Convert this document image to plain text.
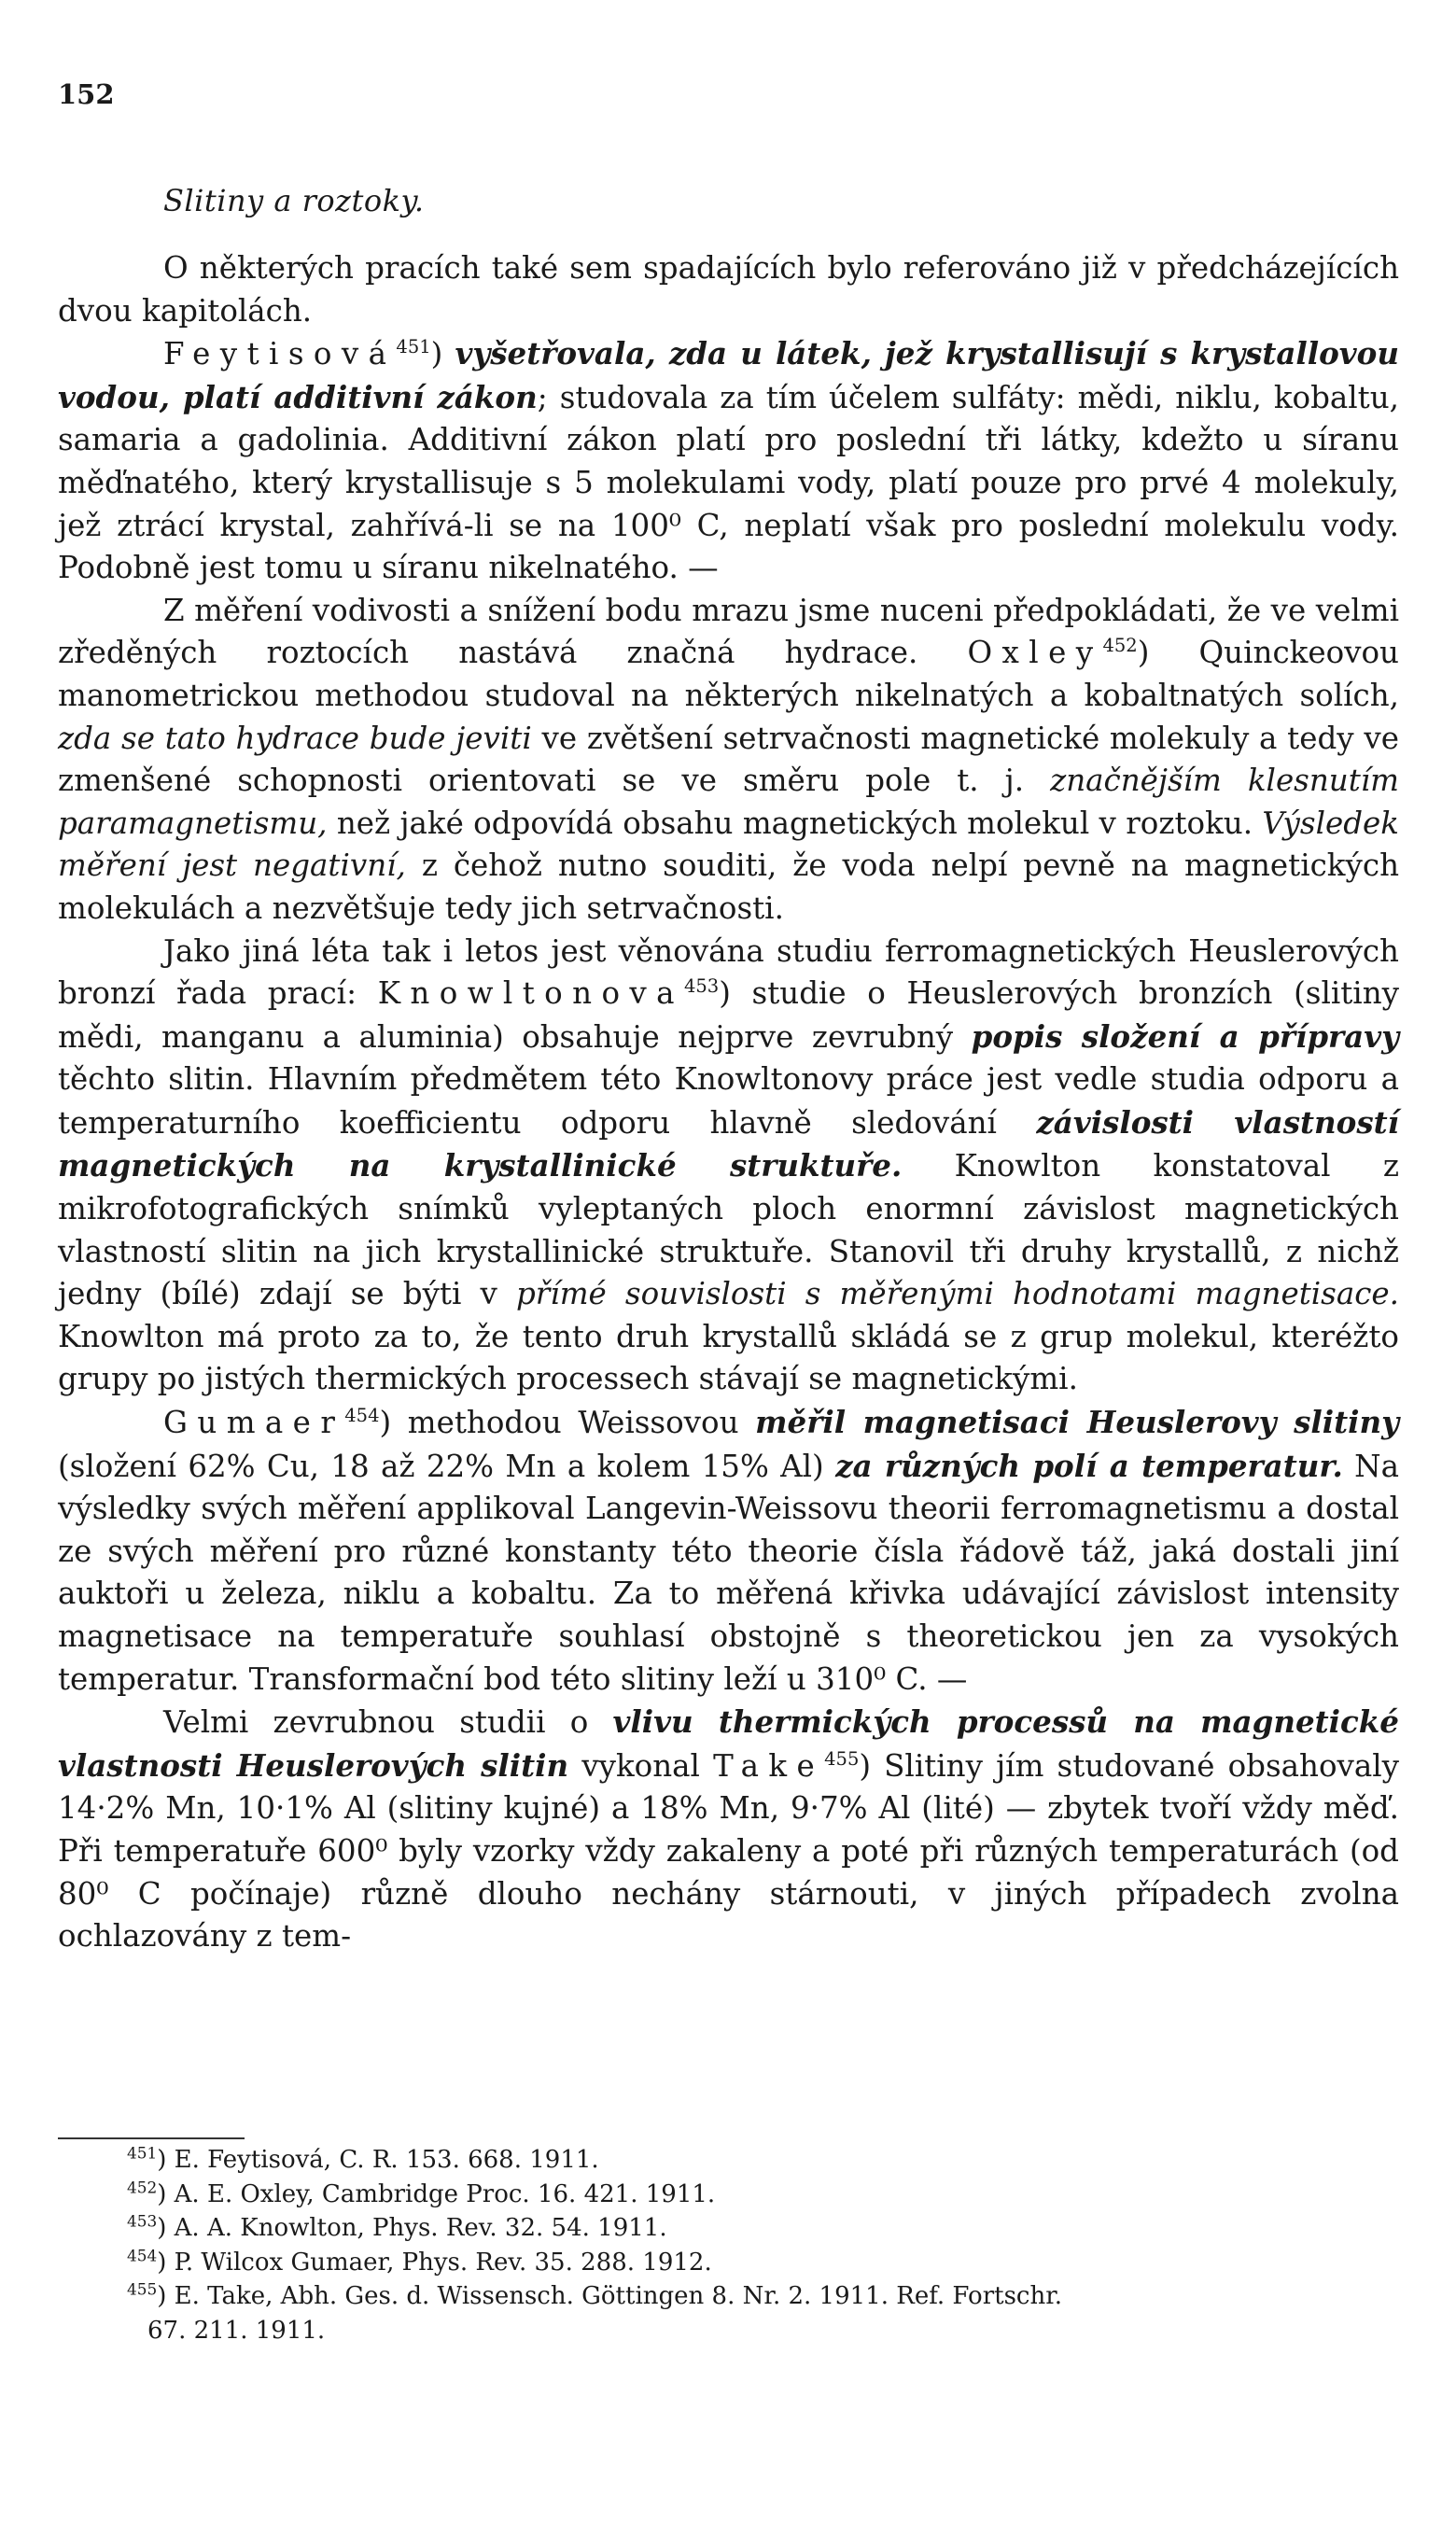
152
Slitiny a roztoky.

O některých pracích také sem spadajících bylo referováno již v předcházejících dvou kapitolách.

Feytisová$^{451}$) vyšetřovala, zda u látek, jež krystallisují s krystallovou vodou, platí additivní zákon; studovala za tím účelem sulfáty: mědi, niklu, kobaltu, samaria a gadolinia. Additivní zákon platí pro poslední tři látky, kdežto u síranu měďnatého, který krystallisuje s 5 molekulami vody, platí pouze pro prvé 4 molekuly, jež ztrácí krystal, zahřívá-li se na 100⁰ C, neplatí však pro poslední molekulu vody. Podobně jest tomu u síranu nikelnatého. —

Z měření vodivosti a snížení bodu mrazu jsme nuceni předpokládati, že ve velmi zředěných roztocích nastává značná hydrace. Oxley$^{452}$) Quinckeovou manometrickou methodou studoval na některých nikelnatých a kobaltnatých solích, zda se tato hydrace bude jeviti ve zvětšení setrvačnosti magnetické molekuly a tedy ve zmenšené schopnosti orientovati se ve směru pole t. j. značnějším klesnutím paramagnetismu, než jaké odpovídá obsahu magnetických molekul v roztoku. Výsledek měření jest negativní, z čehož nutno souditi, že voda nelpí pevně na magnetických molekulách a nezvětšuje tedy jich setrvačnosti.

Jako jiná léta tak i letos jest věnována studiu ferromagnetických Heuslerových bronzí řada prací: Knowltonova$^{453}$) studie o Heuslerových bronzích (slitiny mědi, manganu a aluminia) obsahuje nejprve zevrubný popis složení a přípravy těchto slitin. Hlavním předmětem této Knowltonovy práce jest vedle studia odporu a temperaturního koefficientu odporu hlavně sledování závislosti vlastností magnetických na krystallinické struktuře. Knowlton konstatoval z mikrofotografických snímků vyleptaných ploch enormní závislost magnetických vlastností slitin na jich krystallinické struktuře. Stanovil tři druhy krystallů, z nichž jedny (bílé) zdají se býti v přímé souvislosti s měřenými hodnotami magnetisace. Knowlton má proto za to, že tento druh krystallů skládá se z grup molekul, kteréžto grupy po jistých thermických processech stávají se magnetickými.

Gumaer$^{454}$) methodou Weissovou měřil magnetisaci Heuslerovy slitiny (složení 62% Cu, 18 až 22% Mn a kolem 15% Al) za různých polí a temperatur. Na výsledky svých měření applikoval Langevin-Weissovu theorii ferromagnetismu a dostal ze svých měření pro různé konstanty této theorie čísla řádově táž, jaká dostali jiní auktoři u železa, niklu a kobaltu. Za to měřená křivka udávající závislost intensity magnetisace na temperatuře souhlasí obstojně s theoretickou jen za vysokých temperatur. Transformační bod této slitiny leží u 310⁰ C. —

Velmi zevrubnou studii o vlivu thermických processů na magnetické vlastnosti Heuslerových slitin vykonal Take$^{455}$) Slitiny jím studované obsahovaly 14·2% Mn, 10·1% Al (slitiny kujné) a 18% Mn, 9·7% Al (lité) — zbytek tvoří vždy měď. Při temperatuře 600⁰ byly vzorky vždy zakaleny a poté při různých temperaturách (od 80⁰ C počínaje) různě dlouho nechány stárnouti, v jiných případech zvolna ochlazovány z tem-

$^{451}$) E. Feytisová, C. R. 153. 668. 1911.

$^{452}$) A. E. Oxley, Cambridge Proc. 16. 421. 1911.

$^{453}$) A. A. Knowlton, Phys. Rev. 32. 54. 1911.

$^{454}$) P. Wilcox Gumaer, Phys. Rev. 35. 288. 1912.

$^{455}$) E. Take, Abh. Ges. d. Wissensch. Göttingen 8. Nr. 2. 1911. Ref. Fortschr.

67. 211. 1911.
